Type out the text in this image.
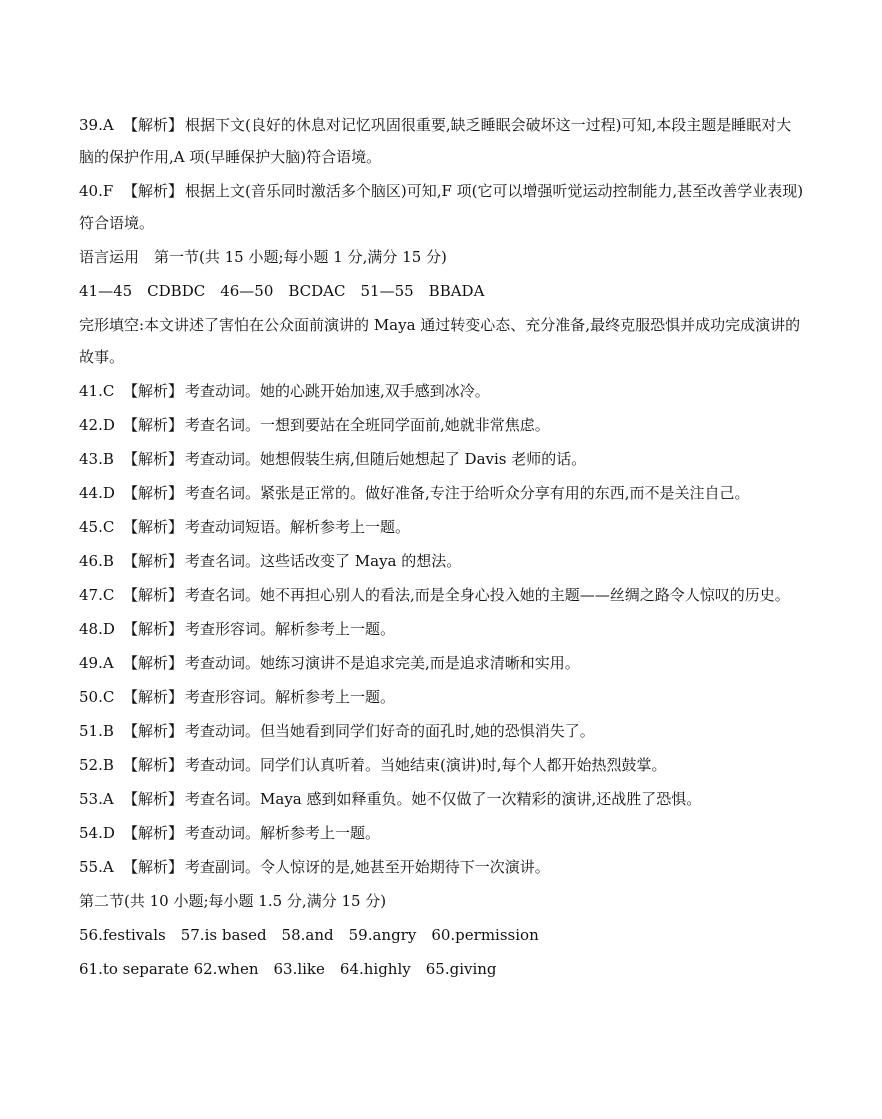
39.A 【解析】 根据下文(良好的休息对记忆巩固很重要,缺乏睡眠会破坏这一过程)可知,本段主题是睡眠对大
脑的保护作用,A 项(早睡保护大脑)符合语境。
40.F 【解析】 根据上文(音乐同时激活多个脑区)可知,F 项(它可以增强听觉运动控制能力,甚至改善学业表现)
符合语境。
语言运用　第一节(共 15 小题;每小题 1 分,满分 15 分)
41—45　CDBDC　46—50　BCDAC　51—55　BBADA
完形填空:本文讲述了害怕在公众面前演讲的 Maya 通过转变心态、充分准备,最终克服恐惧并成功完成演讲的
故事。
41.C 【解析】 考查动词。她的心跳开始加速,双手感到冰冷。
42.D 【解析】 考查名词。一想到要站在全班同学面前,她就非常焦虑。
43.B 【解析】 考查动词。她想假装生病,但随后她想起了 Davis 老师的话。
44.D 【解析】 考查名词。紧张是正常的。做好准备,专注于给听众分享有用的东西,而不是关注自己。
45.C 【解析】 考查动词短语。解析参考上一题。
46.B 【解析】 考查名词。这些话改变了 Maya 的想法。
47.C 【解析】 考查名词。她不再担心别人的看法,而是全身心投入她的主题——丝绸之路令人惊叹的历史。
48.D 【解析】 考查形容词。解析参考上一题。
49.A 【解析】 考查动词。她练习演讲不是追求完美,而是追求清晰和实用。
50.C 【解析】 考查形容词。解析参考上一题。
51.B 【解析】 考查动词。但当她看到同学们好奇的面孔时,她的恐惧消失了。
52.B 【解析】 考查动词。同学们认真听着。当她结束(演讲)时,每个人都开始热烈鼓掌。
53.A 【解析】 考查名词。Maya 感到如释重负。她不仅做了一次精彩的演讲,还战胜了恐惧。
54.D 【解析】 考查动词。解析参考上一题。
55.A 【解析】 考查副词。令人惊讶的是,她甚至开始期待下一次演讲。
第二节(共 10 小题;每小题 1.5 分,满分 15 分)
56.festivals　57.is based　58.and　59.angry　60.permission
61.to separate 62.when　63.like　64.highly　65.giving
